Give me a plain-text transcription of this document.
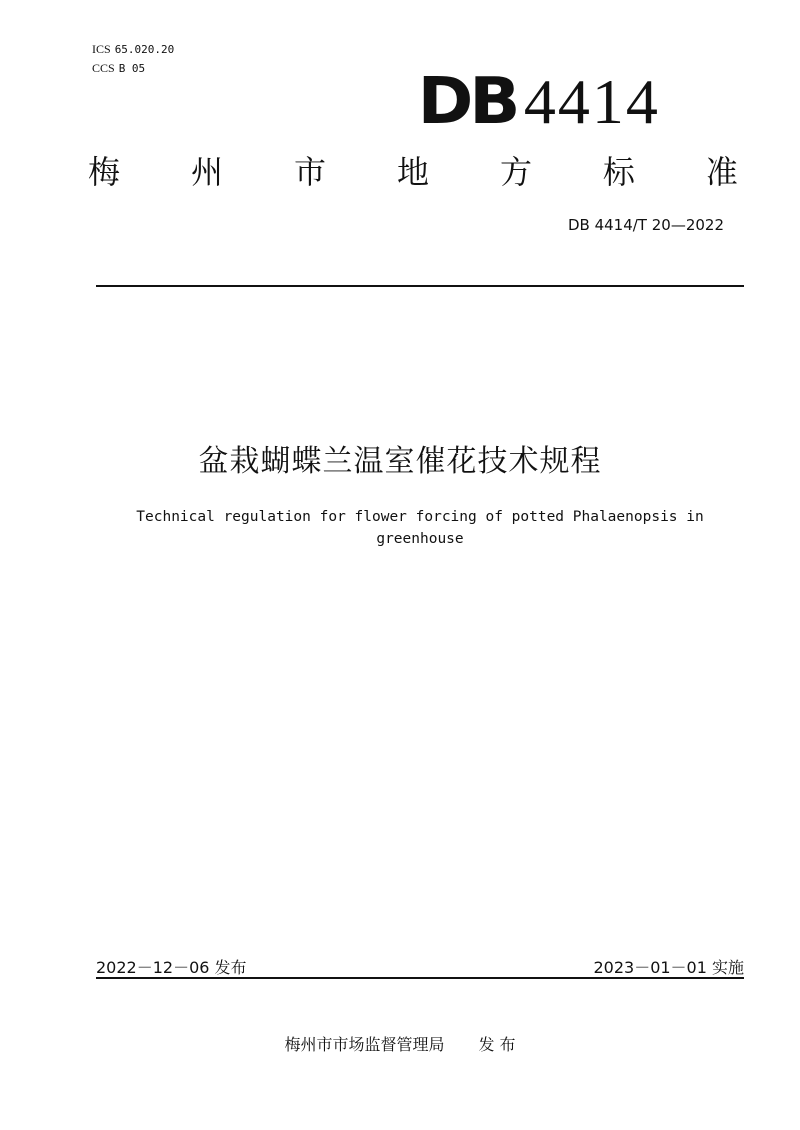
ICS 65.020.20
CCS B 05	DB 4414
梅 州 市 地 方 标 准
DB 4414/T 20—2022
盆栽蝴蝶兰温室催花技术规程
Technical regulation for flower forcing of potted Phalaenopsis in greenhouse
2022－12－06 发布	2023－01－01 实施
梅州市市场监督管理局 发 布
